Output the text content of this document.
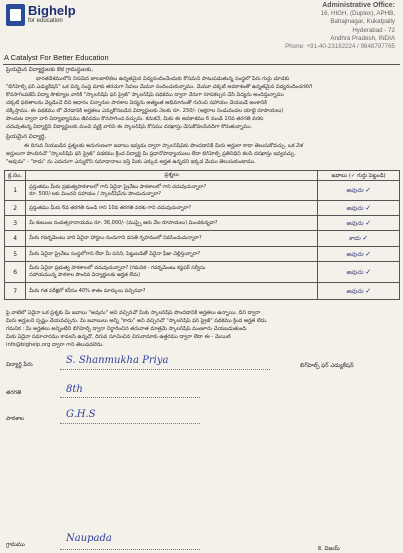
Bighelp
for education
A Catalyst For Better Education
Administrative Office:
16, HIGH, (Duplex), APHB,
Bahajinagar, Kukatpally
Hyderabad - 72
Andhra Pradesh, INDIA
Phone: +91-40-23182224 / 9848797765
ప్రియమైన విద్యార్థులకు లేక గ్రామస్థులకు,
భారతదేశములోని నిరుపేద బాలబాలికలు ఉన్నతమైన విద్యనందించేందుకు కోసమని పాటుపడుతున్న సంస్థలో పేరు గుర్తు చూడకు
"బిగ్‌హెల్ప్ ఫర్ ఎడ్యుకేషన్" ఒక చిన్న సంస్థ మాకు తరచుగా సేవలు మేమూ నందించుకున్నాము. మేమూ చక్కటి అవకాశంతో ఉన్నతమైన విద్యనందించగలిగే
కొనసాగింపజేసే విద్యా సౌకర్యాల వారికి "స్కాలర్‌షిప్ ఫర్ ప్రైజ్" స్కాలర్‌షిప్ పథకము ద్వారా నేరుగా రూపకల్పన చేసి విద్యను అందిస్తున్నాము
చక్కటి ఫలితాలను వెల్లడించే దీని ఆధారం చిన్నారుల పాఠశాల విద్యను అత్యంత అభిమానంతో గురించి సహాయం చేయబడే అంశానికి
దక్కిస్తాము. ఈ పథకము లో చేరడానికి అర్హతలు ఎన్నుకొనబడిన విద్యార్థులకు నెలకు రూ. 250/- (అక్షరాల రెండువందల యాభై రూపాయలు)
పొందుట ద్వారా వారి విద్యాభ్యాసము జీవనము కొనసాగించ వచ్చును. కనుకనే, మీకు ఈ అవకాశము 6 నుండి 10వ తరగతి వరకు
చదువుతున్న విద్యార్థిని విద్యార్థులకు మంచి వ్యక్తి వారిని ఈ స్కాలర్‌షిప్ కోసము దరఖాస్తు చేసుకోవలసినదిగా కోరుతున్నాము.
ప్రియమైన విద్యార్థి,
ఈ దిగువ నీయబడిన ప్రశ్నలకు అనుగుణంగా జవాబు ఇవ్వడం ద్వారా స్కాలర్‌షిప్‌కు పొందడానికి మీరు అర్హులా కాదా తెలుసుకోవచ్చు. ఒక వేళ
అర్హులుగా పొందినచో "స్కాలర్‌షిప్ ఫర్ ప్రైజ్" పథకము క్రింద విద్యార్థి మీ ప్రధానోపాధ్యాయులు లేదా బిగ్‌హెల్ప్ ప్రతినిధిని కలసి దరఖాస్తు ఇవ్వవచ్చు.
"అవును" - "కాదు" ను ఎదురుగా ఎన్నుకొని సమాధానాలు ఇస్తే మీకు ఎక్కువ అర్హత ఉన్నదని ఇక్కడ మేము తెలుసుకుంటాము.
క్ర.సం.	ప్రశ్నలు	జవాబు (✓ గుర్తు పెట్టండి)
1	ప్రస్తుతము మీరు ప్రభుత్వపాఠశాలలో గాని ఏదైనా ప్రైవేటు పాఠశాలలో గాని చదువుచున్నారా?
రూ. 500/-లకు మించని సహాయం / స్కాలర్‌షిప్‌ను పొందుచున్నారా?	అవును ✓
2	ప్రస్తుతము మీరు 6వ తరగతి నుండి గాని 10వ తరగతి వరకు గాని చదువుచున్నారా?	అవును ✓
3	మీ కుటుంబ సంవత్సరాదాయము రూ. 36,000/- (ముప్పై ఆరు వేల రూపాయలు) మించకున్నదా?	అవును ✓
4	మీరు గవర్నమెంటు వారి ఏదైనా హాస్టలు నందుగాని వసతి గృహములో నివసించుచున్నారా?	కాదు ✓
5	మీరు ఏదైనా ప్రైవేటు సంస్థలోగాని లేదా మీ పనిని, పెట్టుబడితో ఏదైనా ఫీజు చెల్లిస్తున్నారా?	అవును ✓
6	మీరు ఏదైనా ప్రభుత్వ పాఠశాలలో చదువుచున్నారా? (గమనిక - గవర్నమెంటు కస్టపర్ సర్వీసు
సహాయమున్న పాఠశాల పొందిన విద్యార్థులకు అర్హత లేదు)	అవును ✓
7	మీరు గత పరీక్షలో కనీసం 40% శాతం మార్కులు వచ్చినవా?	అవును ✓
పై వాటిలో ఏదైనా ఒక ప్రశ్నకు మీ జవాబు "అవును" అని వచ్చినచో మీకు స్కాలర్‌షిప్ పొందడానికి అర్హతలు ఉన్నాయి. దీని ద్వారా
మీరు అర్హులని స్పష్టం చేయవచ్చును. మీ జవాబులు అన్నీ "కాదు" అని వచ్చినచో "స్కాలర్‌షిప్ ఫర్ ప్రైజ్" పథకము క్రింద అర్హత లేదు.
గమనిక : మీ అర్హతలు అన్నింటిని బిగ్‌హెల్ప్ ద్వారా నిర్ధారించిన తరువాత మాత్రమే స్కాలర్‌షిప్ మంజూరు చేయబడుతుంది.
మీకు ఏదైనా సమాచారము కావలసి ఉన్నచో, దిగువ సూచించిన చిరునామాకు ఉత్తరము ద్వారా లేదా ఈ - మెయిల్
info@bighelp.org ద్వారా గాని తెలుపవలెను.
విద్యార్థి పేరు	S. Shanmukha Priya
తరగతి	8th
పాఠశాల	G.H.S
గ్రామము
Naupada
బిగ్‌హెల్ప్ ఫర్ ఎడ్యుకేషన్
కె. విజయ్
